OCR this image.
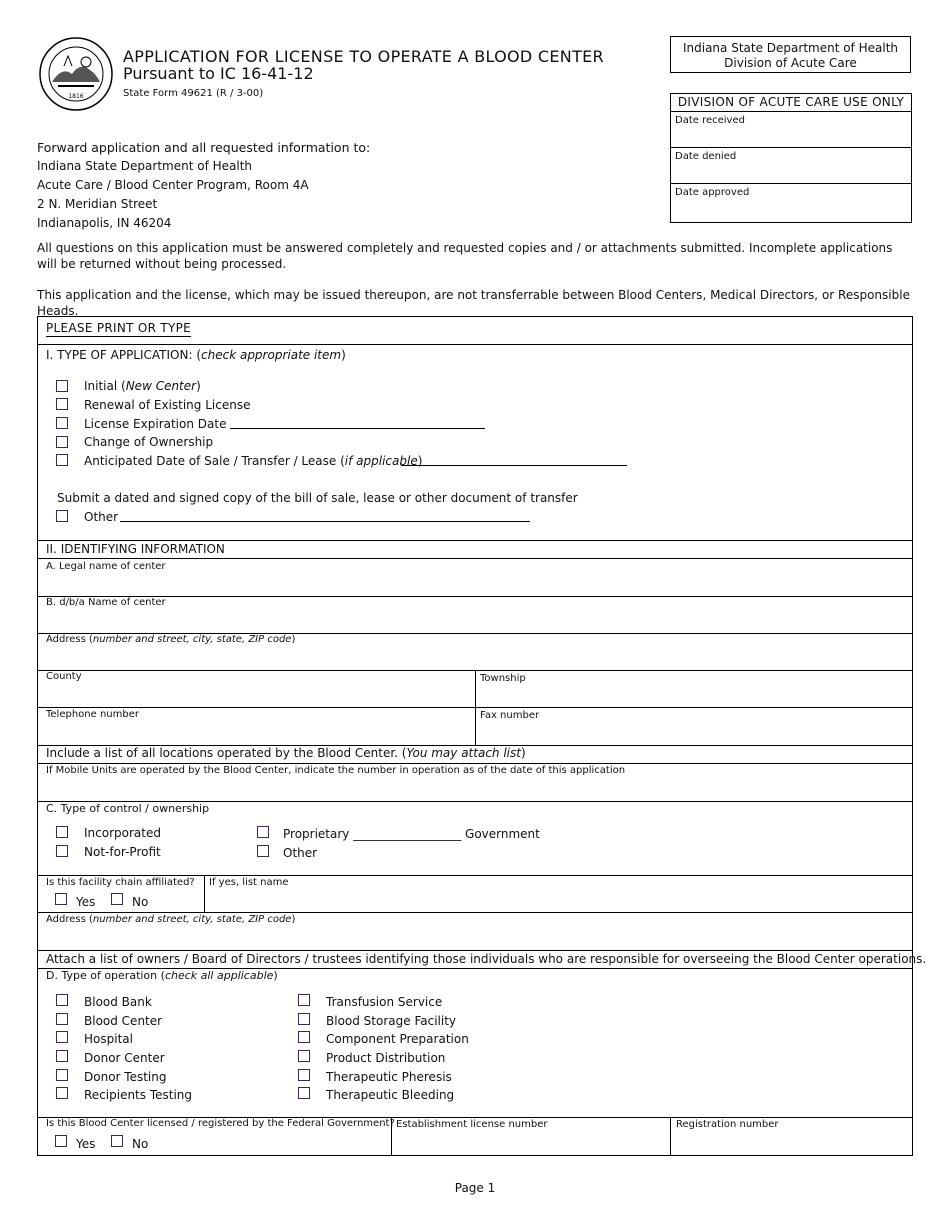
1816
APPLICATION FOR LICENSE TO OPERATE A BLOOD CENTER
Pursuant to IC 16-41-12
State Form 49621 (R / 3-00)
Indiana State Department of Health
Division of Acute Care
DIVISION OF ACUTE CARE USE ONLY
Date received
Date denied
Date approved
Forward application and all requested information to:
Indiana State Department of Health
Acute Care / Blood Center Program, Room 4A
2 N. Meridian Street
Indianapolis, IN 46204
All questions on this application must be answered completely and requested copies and / or attachments submitted. Incomplete applications will be returned without being processed.
This application and the license, which may be issued thereupon, are not transferrable between Blood Centers, Medical Directors, or Responsible Heads.
PLEASE PRINT OR TYPE
I. TYPE OF APPLICATION: (check appropriate item)
Initial (New Center)
Renewal of Existing License
License Expiration Date
Change of Ownership
Anticipated Date of Sale / Transfer / Lease (if applicable)
Submit a dated and signed copy of the bill of sale, lease or other document of transfer
Other
II. IDENTIFYING INFORMATION
A. Legal name of center
B. d/b/a Name of center
Address (number and street, city, state, ZIP code)
County	Township
Telephone number	Fax number
Include a list of all locations operated by the Blood Center. (You may attach list)
If Mobile Units are operated by the Blood Center, indicate the number in operation as of the date of this application
C. Type of control / ownership
Incorporated
Not-for-Profit
Proprietary __________________ Government
Other
Is this facility chain affiliated?
Yes	No
If yes, list name
Address (number and street, city, state, ZIP code)
Attach a list of owners / Board of Directors / trustees identifying those individuals who are responsible for overseeing the Blood Center operations.
D. Type of operation (check all applicable)
Blood Bank
Blood Center
Hospital
Donor Center
Donor Testing
Recipients Testing
Transfusion Service
Blood Storage Facility
Component Preparation
Product Distribution
Therapeutic Pheresis
Therapeutic Bleeding
Is this Blood Center licensed / registered by the Federal Government?
Yes	No
Establishment license number	Registration number
Page 1
